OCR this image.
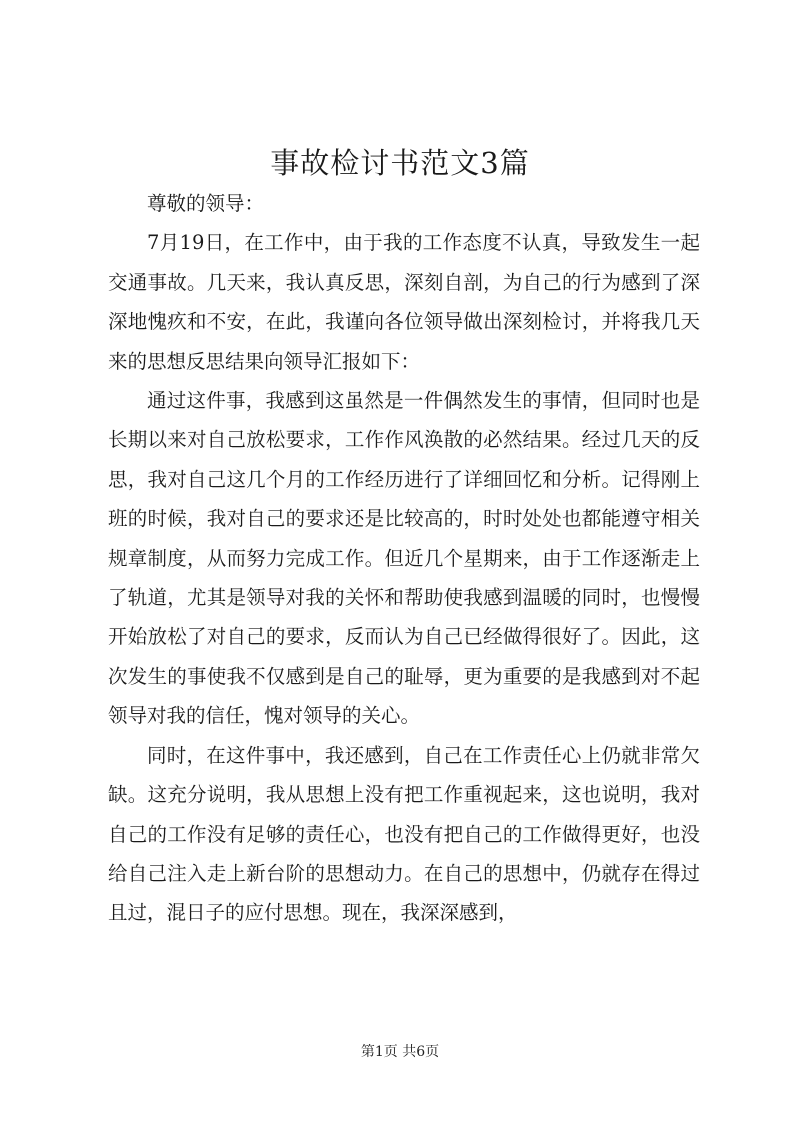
事故检讨书范文3篇

尊敬的领导：

7月19日，在工作中，由于我的工作态度不认真，导致发生一起交通事故。几天来，我认真反思，深刻自剖，为自己的行为感到了深深地愧疚和不安，在此，我谨向各位领导做出深刻检讨，并将我几天来的思想反思结果向领导汇报如下：

通过这件事，我感到这虽然是一件偶然发生的事情，但同时也是长期以来对自己放松要求，工作作风涣散的必然结果。经过几天的反思，我对自己这几个月的工作经历进行了详细回忆和分析。记得刚上班的时候，我对自己的要求还是比较高的，时时处处也都能遵守相关规章制度，从而努力完成工作。但近几个星期来，由于工作逐渐走上了轨道，尤其是领导对我的关怀和帮助使我感到温暖的同时，也慢慢开始放松了对自己的要求，反而认为自己已经做得很好了。因此，这次发生的事使我不仅感到是自己的耻辱，更为重要的是我感到对不起领导对我的信任，愧对领导的关心。

同时，在这件事中，我还感到，自己在工作责任心上仍就非常欠缺。这充分说明，我从思想上没有把工作重视起来，这也说明，我对自己的工作没有足够的责任心，也没有把自己的工作做得更好，也没给自己注入走上新台阶的思想动力。在自己的思想中，仍就存在得过且过，混日子的应付思想。现在，我深深感到，

第1页 共6页
